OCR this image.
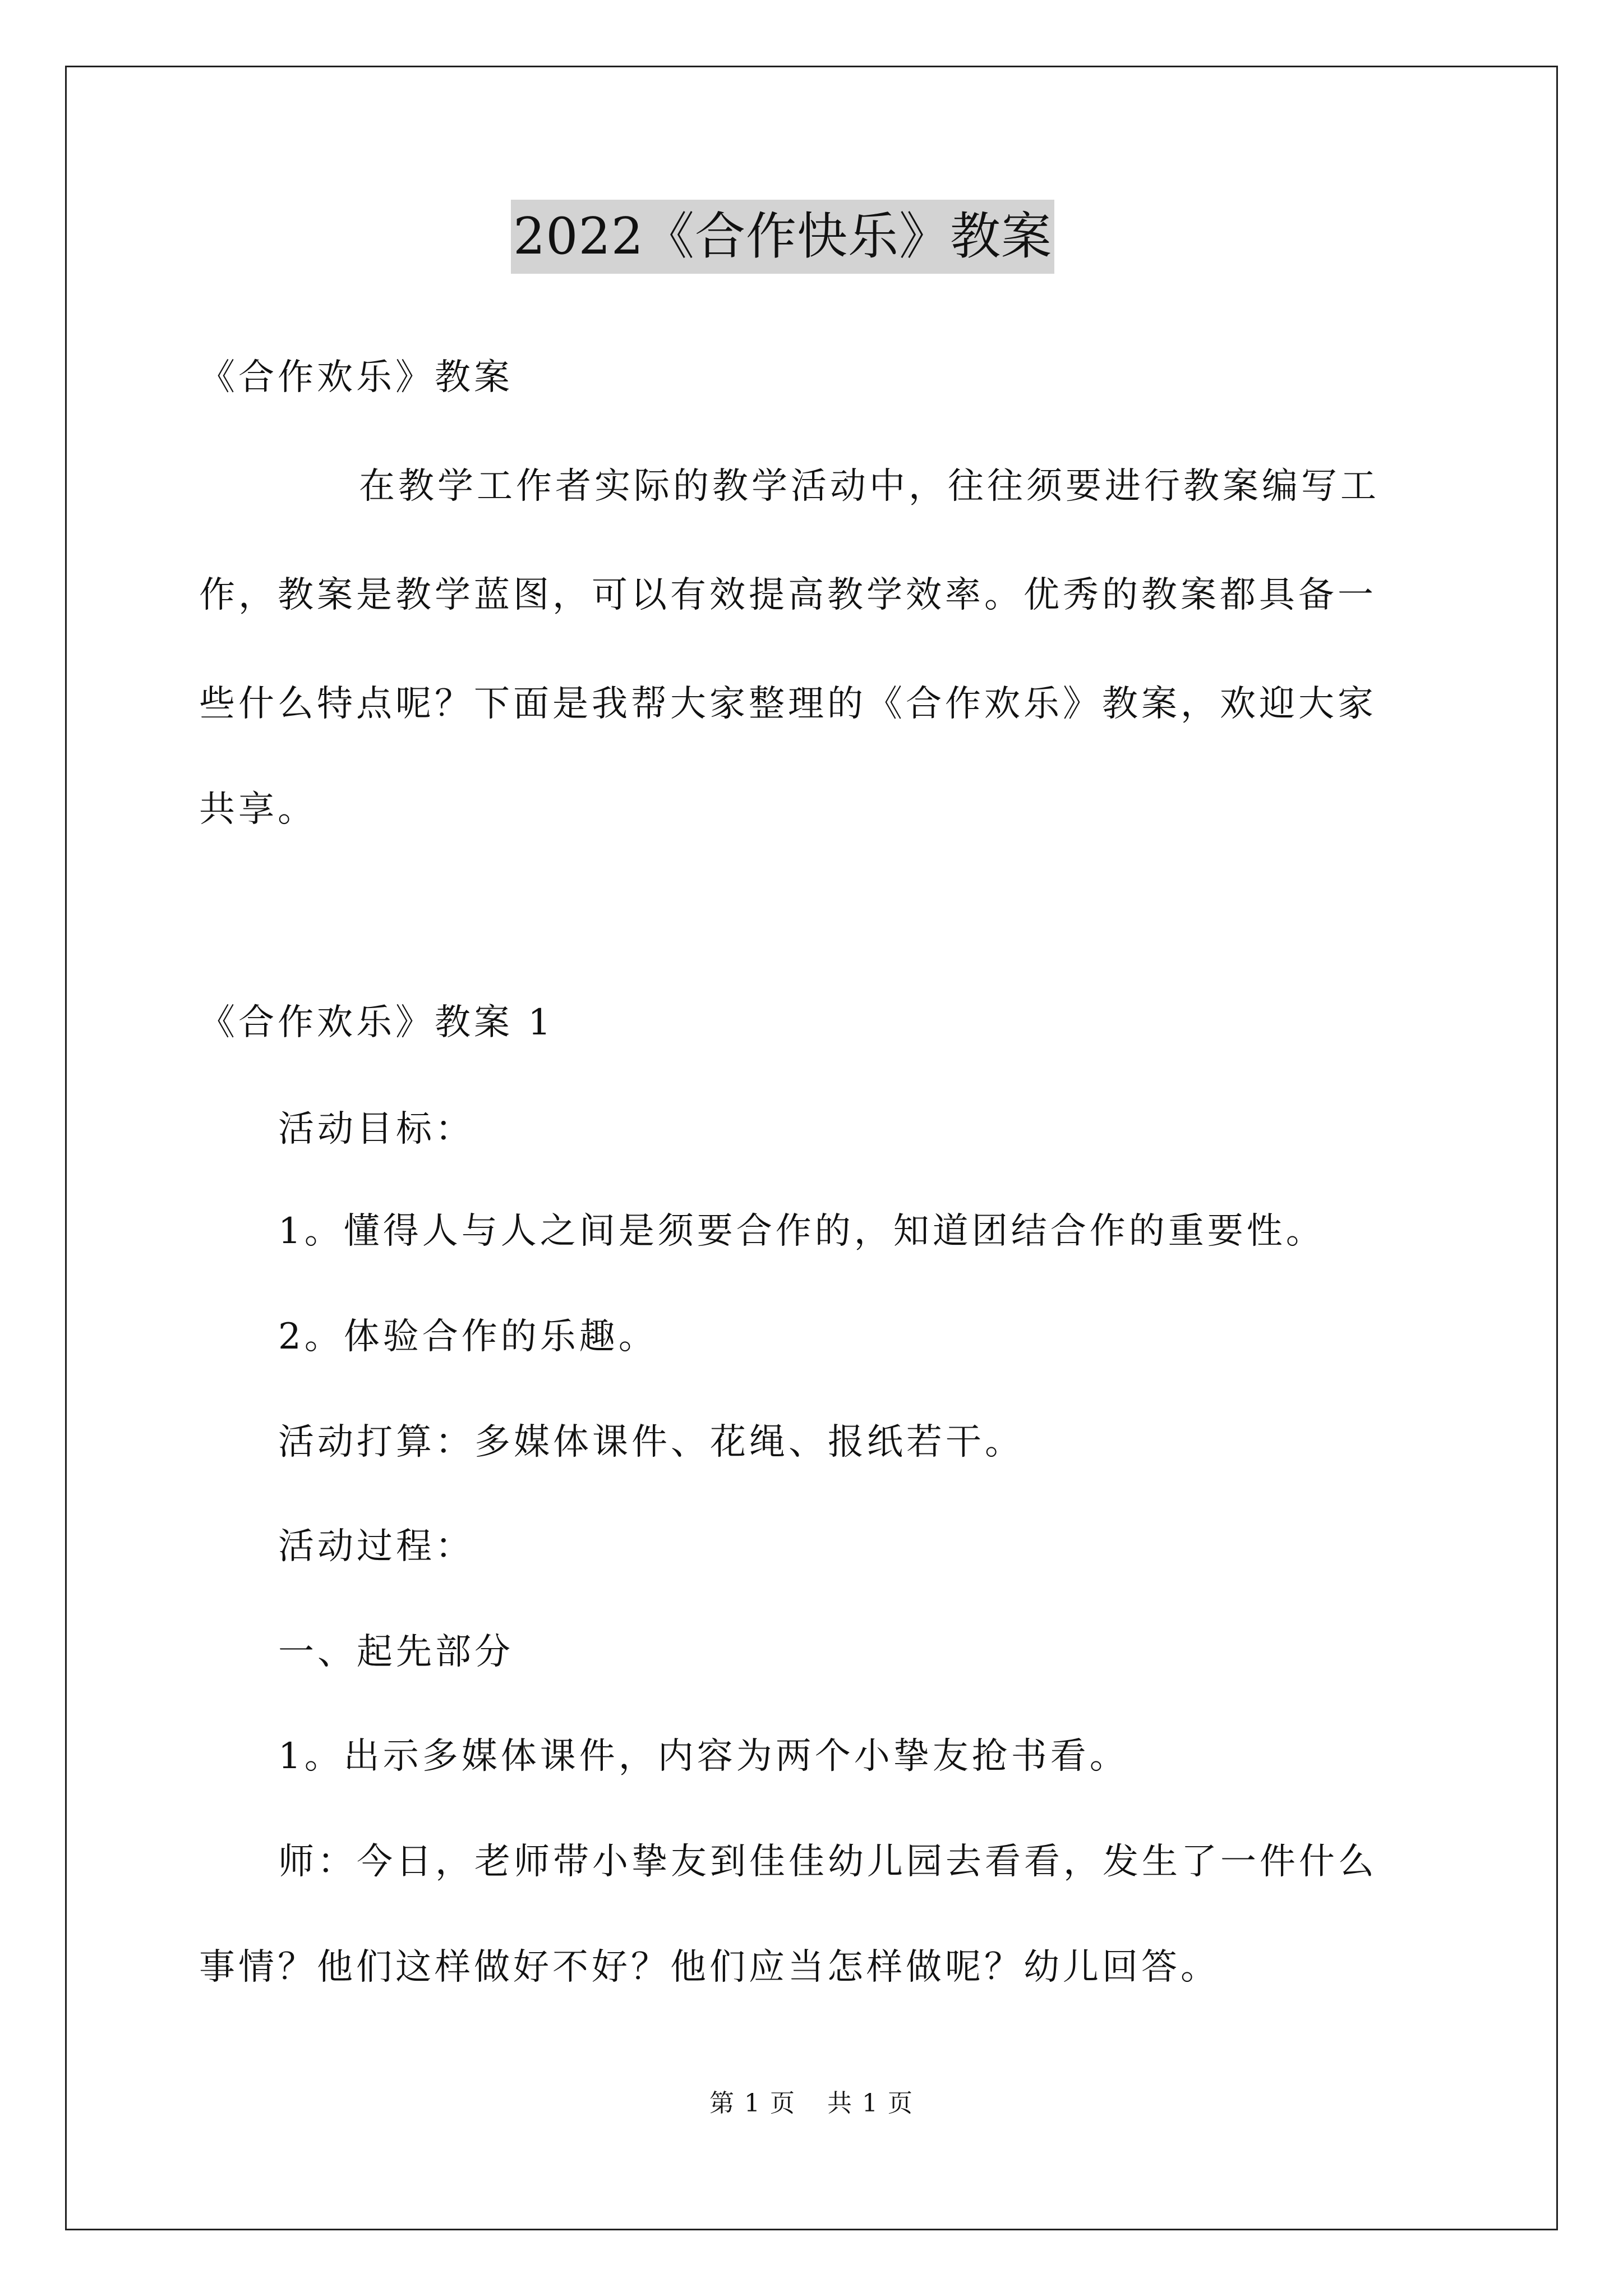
2022《合作快乐》教案
《合作欢乐》教案
在教学工作者实际的教学活动中，往往须要进行教案编写工
作，教案是教学蓝图，可以有效提高教学效率。优秀的教案都具备一
些什么特点呢？下面是我帮大家整理的《合作欢乐》教案，欢迎大家
共享。
《合作欢乐》教案 1
活动目标：
1。懂得人与人之间是须要合作的，知道团结合作的重要性。
2。体验合作的乐趣。
活动打算：多媒体课件、花绳、报纸若干。
活动过程：
一、起先部分
1。出示多媒体课件，内容为两个小挚友抢书看。
师：今日，老师带小挚友到佳佳幼儿园去看看，发生了一件什么
事情？他们这样做好不好？他们应当怎样做呢？幼儿回答。
第 1 页 共 1 页
